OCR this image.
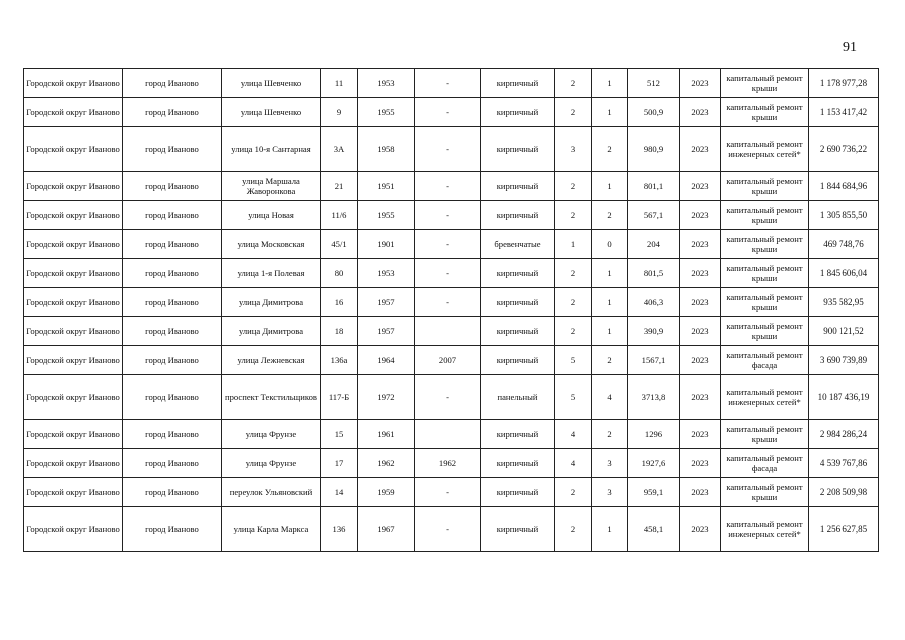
91
Городской округ Иваново	город Иваново	улица Шевченко	11	1953	-	кирпичный	2	1	512	2023	капитальный ремонт крыши	1 178 977,28
Городской округ Иваново	город Иваново	улица Шевченко	9	1955	-	кирпичный	2	1	500,9	2023	капитальный ремонт крыши	1 153 417,42
Городской округ Иваново	город Иваново	улица 10-я Сантарная	3А	1958	-	кирпичный	3	2	980,9	2023	капитальный ремонт инженерных сетей*	2 690 736,22
Городской округ Иваново	город Иваново	улица Маршала Жаворонкова	21	1951	-	кирпичный	2	1	801,1	2023	капитальный ремонт крыши	1 844 684,96
Городской округ Иваново	город Иваново	улица Новая	11/6	1955	-	кирпичный	2	2	567,1	2023	капитальный ремонт крыши	1 305 855,50
Городской округ Иваново	город Иваново	улица Московская	45/1	1901	-	бревенчатые	1	0	204	2023	капитальный ремонт крыши	469 748,76
Городской округ Иваново	город Иваново	улица 1-я Полевая	80	1953	-	кирпичный	2	1	801,5	2023	капитальный ремонт крыши	1 845 606,04
Городской округ Иваново	город Иваново	улица Димитрова	16	1957	-	кирпичный	2	1	406,3	2023	капитальный ремонт крыши	935 582,95
Городской округ Иваново	город Иваново	улица Димитрова	18	1957		кирпичный	2	1	390,9	2023	капитальный ремонт крыши	900 121,52
Городской округ Иваново	город Иваново	улица Лежневская	136а	1964	2007	кирпичный	5	2	1567,1	2023	капитальный ремонт фасада	3 690 739,89
Городской округ Иваново	город Иваново	проспект Текстильщиков	117-Б	1972	-	панельный	5	4	3713,8	2023	капитальный ремонт инженерных сетей*	10 187 436,19
Городской округ Иваново	город Иваново	улица Фрунзе	15	1961		кирпичный	4	2	1296	2023	капитальный ремонт крыши	2 984 286,24
Городской округ Иваново	город Иваново	улица Фрунзе	17	1962	1962	кирпичный	4	3	1927,6	2023	капитальный ремонт фасада	4 539 767,86
Городской округ Иваново	город Иваново	переулок Ульяновский	14	1959	-	кирпичный	2	3	959,1	2023	капитальный ремонт крыши	2 208 509,98
Городской округ Иваново	город Иваново	улица Карла Маркса	136	1967	-	кирпичный	2	1	458,1	2023	капитальный ремонт инженерных сетей*	1 256 627,85
